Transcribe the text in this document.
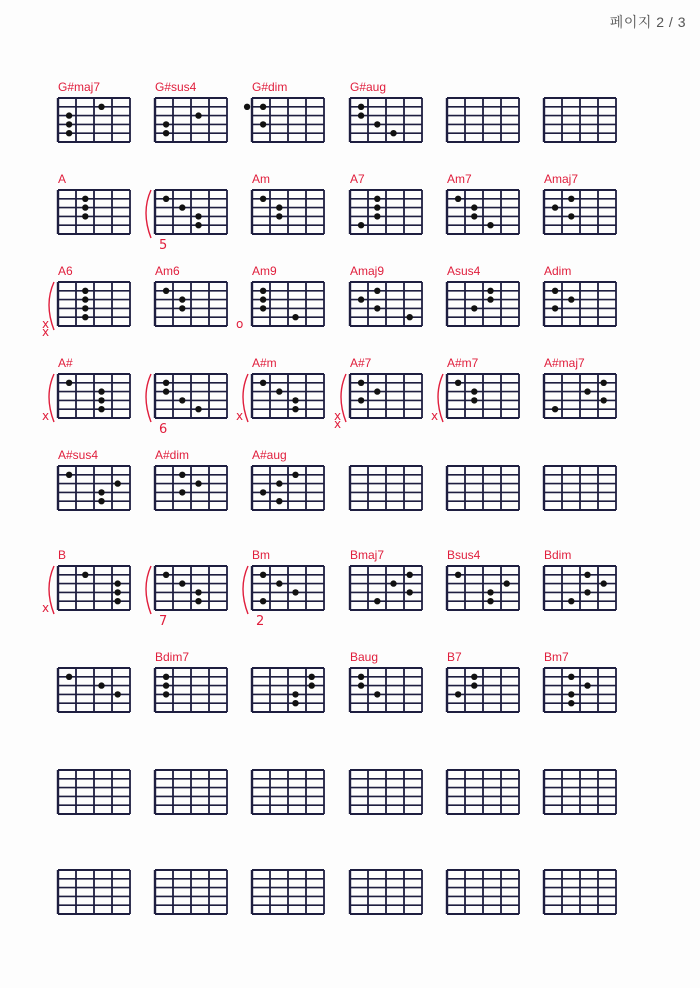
페이지 2 / 3
G#maj7	G#sus4	G#dim	G#aug
A
5
Am	A7	Am7	Amaj7
A6
x x
Am6	Am9
o
Amaj9	Asus4	Adim
A#
x
6
A#m
x
A#7
x x
A#m7
x
A#maj7
A#sus4	A#dim	A#aug
B
x
7
Bm
2
Bmaj7	Bsus4	Bdim
Bdim7	Baug	B7	Bm7
